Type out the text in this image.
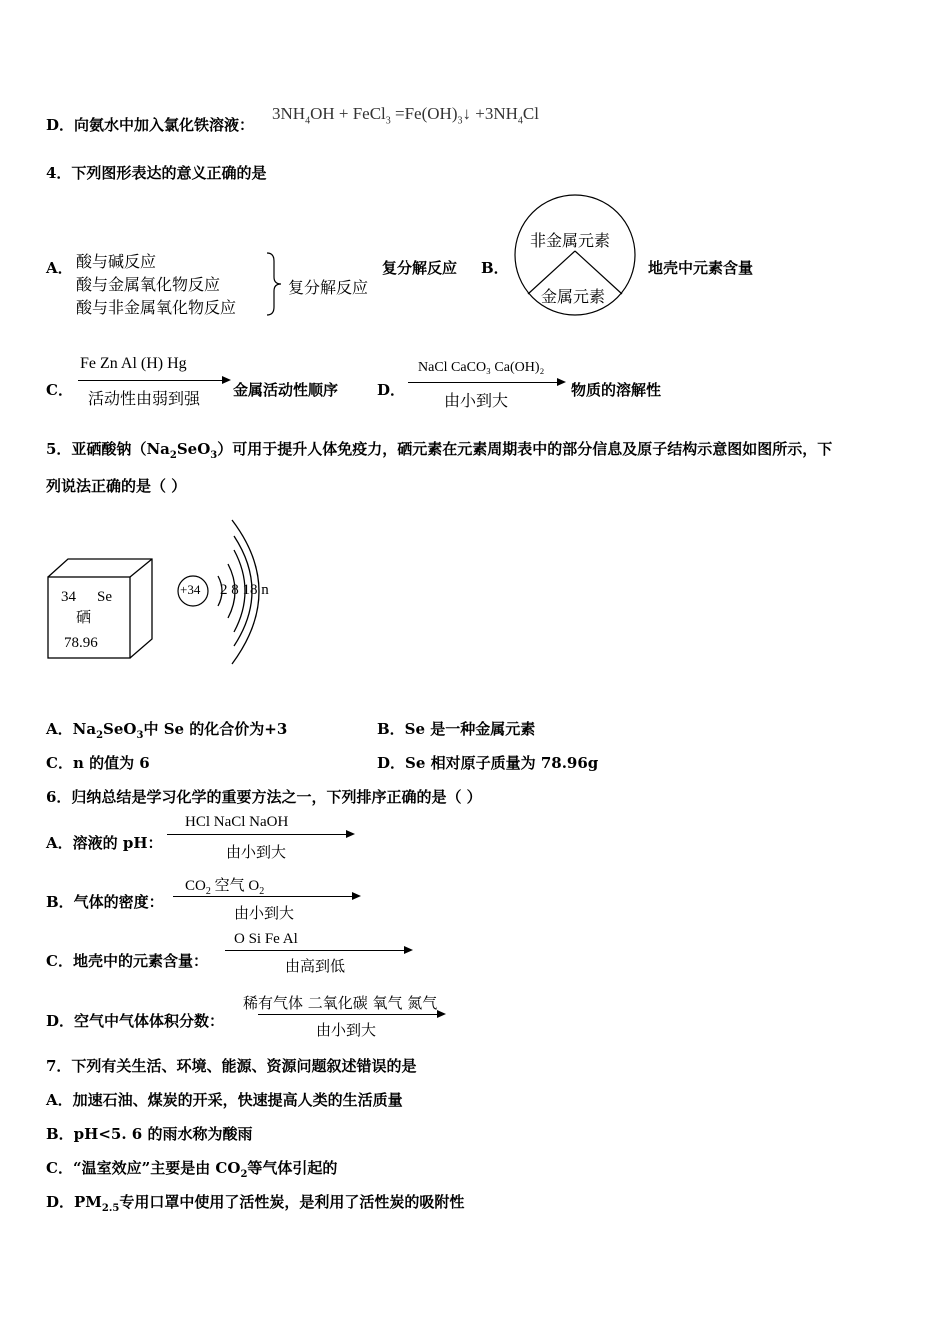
D．向氨水中加入氯化铁溶液：
$3NH_4OH$ + FeCl$_3$ $=Fe(OH)_3↓ +3NH_4Cl$
4．下列图形表达的意义正确的是
A． 酸与碱反应
酸与金属氧化物反应
酸与非金属氧化物反应
复分解反应
复分解反应 B．
非金属元素
金属元素
地壳中元素含量
C．
Fe Zn Al (H) Hg
活动性由弱到强 金属活动性顺序	D．
NaCl CaCO₃ Ca(OH)₂
由小到大
物质的溶解性
5．亚硒酸钠$(Na_2SeO_3)$可用于提升人体免疫力，硒元素在元素周期表中的部分信息及原子结构示意图如图所示，下
列说法正确的是（ ）
34 Se
硒
78.96
+34 2 8 18 n
A．$Na_2SeO_3$中 Se 的化合价为+3	B．Se 是一种金属元素
C．n 的值为 6	D．Se 相对原子质量为 78.96g
6．归纳总结是学习化学的重要方法之一，下列排序正确的是（ ）
A．溶液的 pH：
HCl NaCl NaOH
由小到大
B．气体的密度：
$CO_2$ 空气 $O_2$
由小到大
C．地壳中的元素含量：
O Si Fe Al
由高到低
D．空气中气体体积分数：
稀有气体 二氧化碳 氧气 氮气
由小到大
7．下列有关生活、环境、能源、资源问题叙述错误的是
A．加速石油、煤炭的开采，快速提高人类的生活质量
B．pH<5. 6 的雨水称为酸雨
C．“温室效应”主要是由 $CO_2$等气体引起的
D．$PM_{2.5}$专用口罩中使用了活性炭，是利用了活性炭的吸附性
